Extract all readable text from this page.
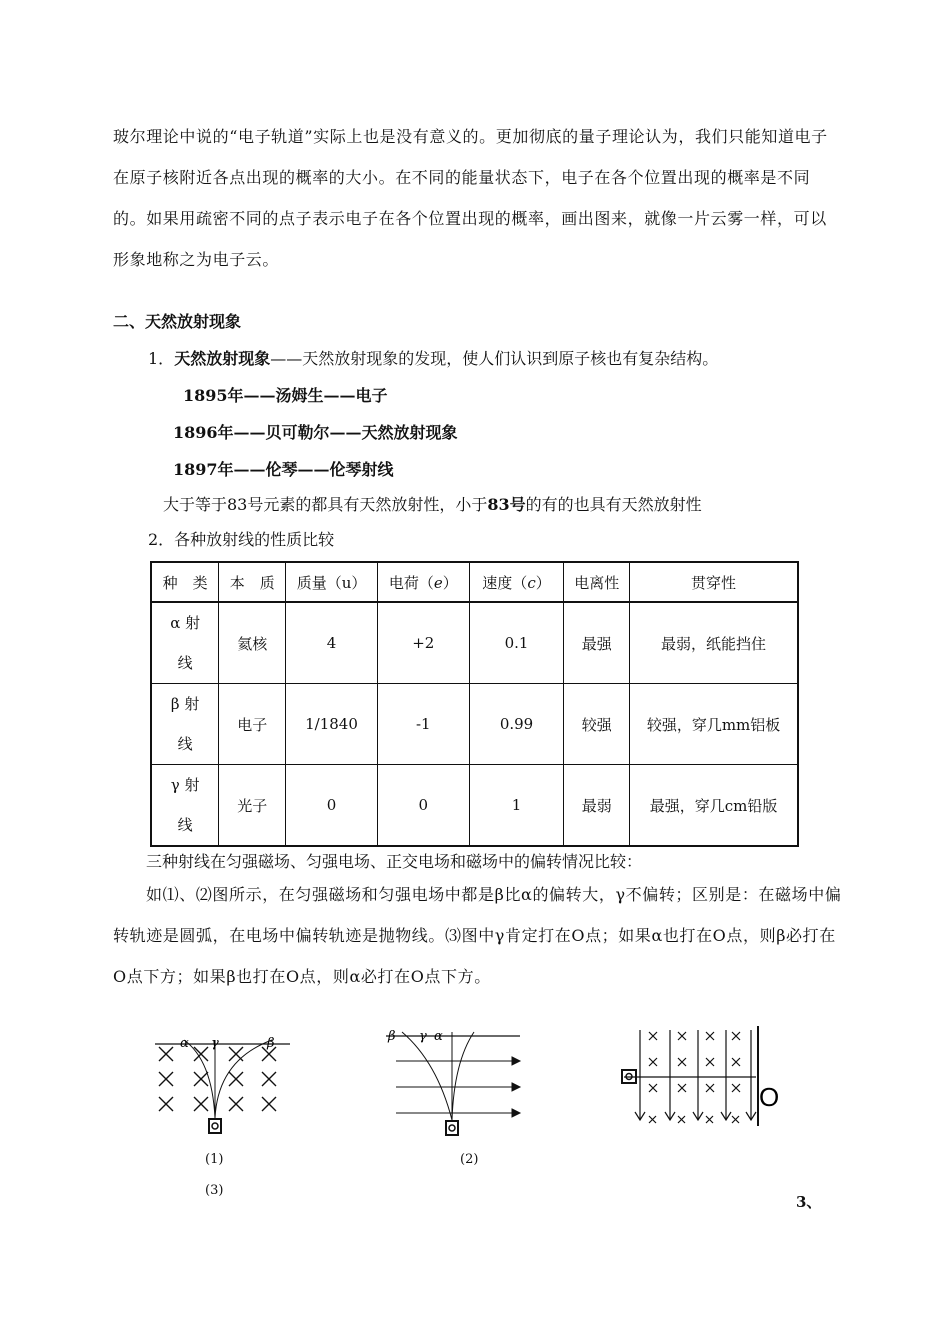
玻尔理论中说的“电子轨道”实际上也是没有意义的。更加彻底的量子理论认为，我们只能知道电子在原子核附近各点出现的概率的大小。在不同的能量状态下，电子在各个位置出现的概率是不同的。如果用疏密不同的点子表示电子在各个位置出现的概率，画出图来，就像一片云雾一样，可以形象地称之为电子云。

二、天然放射现象

1．天然放射现象——天然放射现象的发现，使人们认识到原子核也有复杂结构。

1895年——汤姆生——电子

1896年——贝可勒尔——天然放射现象

1897年——伦琴——伦琴射线

大于等于83号元素的都具有天然放射性，小于83号的有的也具有天然放射性

2．各种放射线的性质比较

种　类	本　质	质量（u）	电荷（e）	速度（c）	电离性	贯穿性

α 射
线	氦核	4	+2	0.1	最强	最弱，纸能挡住

β 射
线	电子	1/1840	-1	0.99	较强	较强，穿几mm铝板

γ 射
线	光子	0	0	1	最弱	最强，穿几cm铅版

三种射线在匀强磁场、匀强电场、正交电场和磁场中的偏转情况比较：

如⑴、⑵图所示，在匀强磁场和匀强电场中都是β比α的偏转大，γ不偏转；区别是：在磁场中偏转轨迹是圆弧，在电场中偏转轨迹是抛物线。⑶图中γ肯定打在O点；如果α也打在O点，则β必打在O点下方；如果β也打在O点，则α必打在O点下方。

α γ	β	β γ α
O
(1)	(2)
(3)
3、
